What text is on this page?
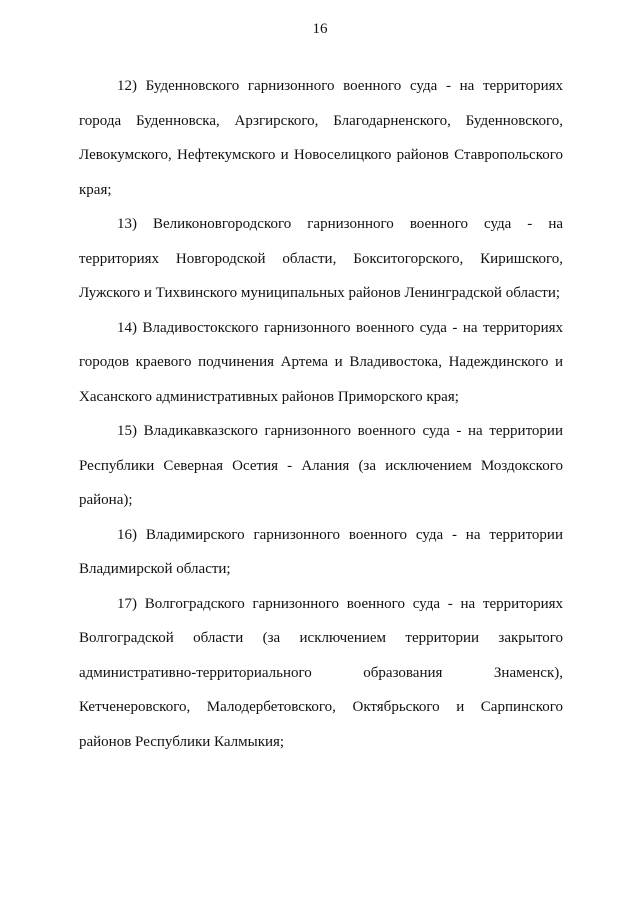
16

12) Буденновского гарнизонного военного суда - на территориях города Буденновска, Арзгирского, Благодарненского, Буденновского, Левокумского, Нефтекумского и Новоселицкого районов Ставропольского края;

13) Великоновгородского гарнизонного военного суда - на территориях Новгородской области, Бокситогорского, Киришского, Лужского и Тихвинского муниципальных районов Ленинградской области;

14) Владивостокского гарнизонного военного суда - на территориях городов краевого подчинения Артема и Владивостока, Надеждинского и Хасанского административных районов Приморского края;

15) Владикавказского гарнизонного военного суда - на территории Республики Северная Осетия - Алания (за исключением Моздокского района);

16) Владимирского гарнизонного военного суда - на территории Владимирской области;

17) Волгоградского гарнизонного военного суда - на территориях Волгоградской области (за исключением территории закрытого административно-территориального образования Знаменск), Кетченеровского, Малодербетовского, Октябрьского и Сарпинского районов Республики Калмыкия;
